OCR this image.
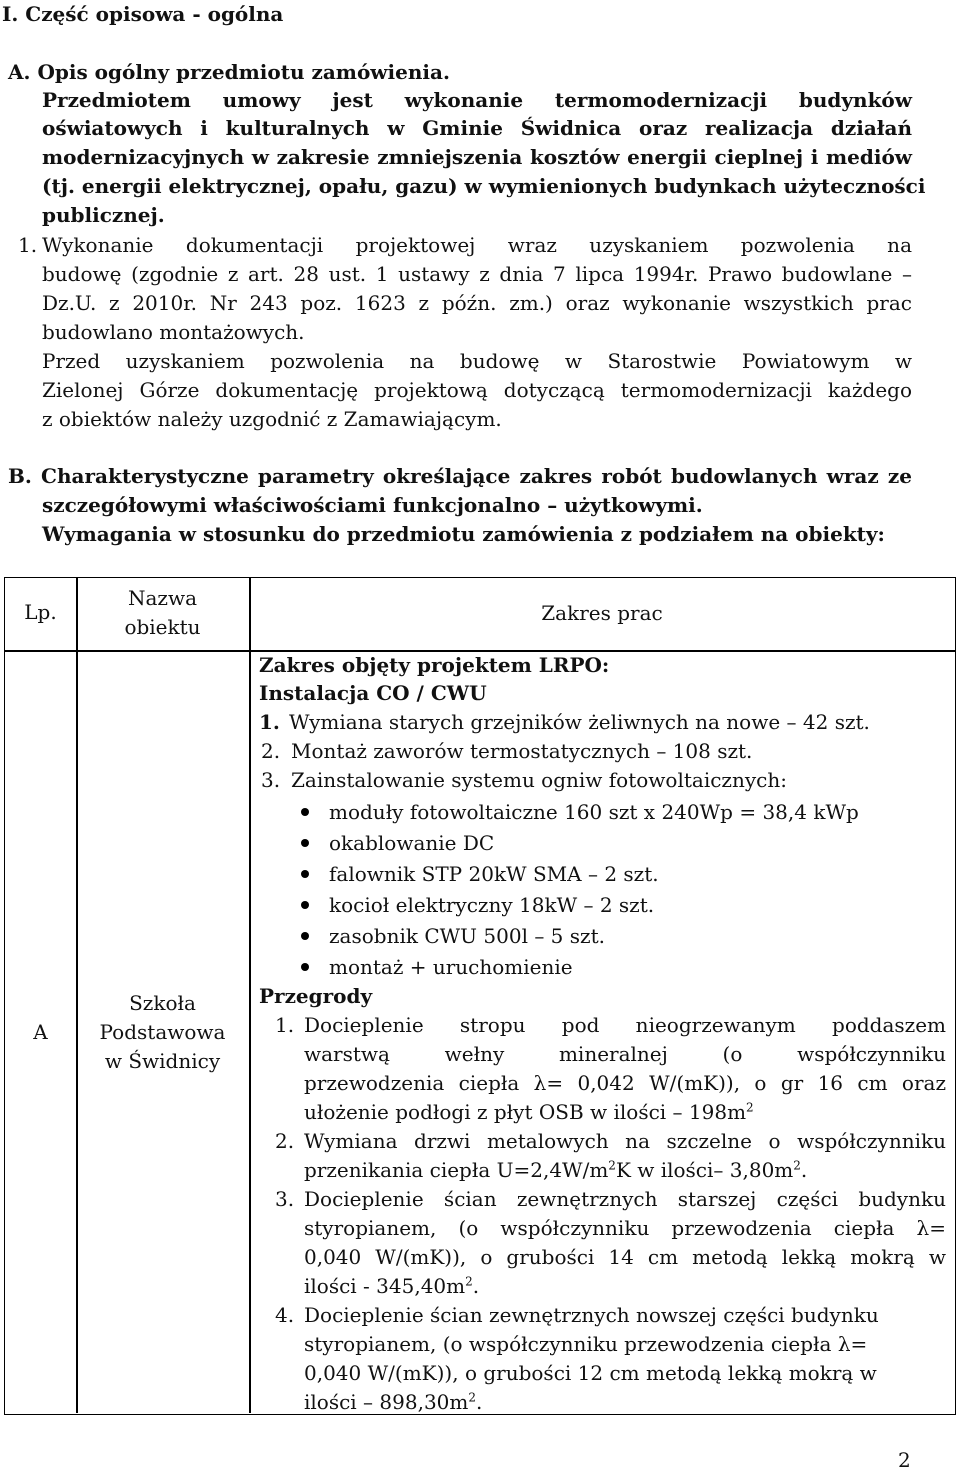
I. Część opisowa - ogólna
A. Opis ogólny przedmiotu zamówienia.
Przedmiotem umowy jest wykonanie termomodernizacji budynków
oświatowych i kulturalnych w Gminie Świdnica oraz realizacja działań
modernizacyjnych w zakresie zmniejszenia kosztów energii cieplnej i mediów
(tj. energii elektrycznej, opału, gazu) w wymienionych budynkach użyteczności
publicznej.
1. Wykonanie dokumentacji projektowej wraz uzyskaniem pozwolenia na
budowę (zgodnie z art. 28 ust. 1 ustawy z dnia 7 lipca 1994r. Prawo budowlane –
Dz.U. z 2010r. Nr 243 poz. 1623 z późn. zm.) oraz wykonanie wszystkich prac
budowlano montażowych.
Przed uzyskaniem pozwolenia na budowę w Starostwie Powiatowym w
Zielonej Górze dokumentację projektową dotyczącą termomodernizacji każdego
z obiektów należy uzgodnić z Zamawiającym.
B. Charakterystyczne parametry określające zakres robót budowlanych wraz ze
szczegółowymi właściwościami funkcjonalno – użytkowymi.
Wymagania w stosunku do przedmiotu zamówienia z podziałem na obiekty:
Lp.
Nazwa
obiektu
Zakres prac
A
Szkoła
Podstawowa
w Świdnicy
Zakres objęty projektem LRPO:
Instalacja CO / CWU
1. Wymiana starych grzejników żeliwnych na nowe – 42 szt.
2. Montaż zaworów termostatycznych – 108 szt.
3. Zainstalowanie systemu ogniw fotowoltaicznych:
moduły fotowoltaiczne 160 szt x 240Wp = 38,4 kWp
okablowanie DC
falownik STP 20kW SMA – 2 szt.
kocioł elektryczny 18kW – 2 szt.
zasobnik CWU 500l – 5 szt.
montaż + uruchomienie
Przegrody
1. Docieplenie stropu pod nieogrzewanym poddaszem
warstwą wełny mineralnej (o współczynniku
przewodzenia ciepła λ= 0,042 W/(mK)), o gr 16 cm oraz
ułożenie podłogi z płyt OSB w ilości – $198m^2$
2. Wymiana drzwi metalowych na szczelne o współczynniku
przenikania ciepła $U=2,4W/m^2K$ w ilości– $3,80m^2$.
3. Docieplenie ścian zewnętrznych starszej części budynku
styropianem, (o współczynniku przewodzenia ciepła λ=
0,040 W/(mK)), o grubości 14 cm metodą lekką mokrą w
ilości - $345,40m^2$.
4. Docieplenie ścian zewnętrznych nowszej części budynku
styropianem, (o współczynniku przewodzenia ciepła λ=
0,040 W/(mK)), o grubości 12 cm metodą lekką mokrą w
ilości – $898,30m^2$.
2
